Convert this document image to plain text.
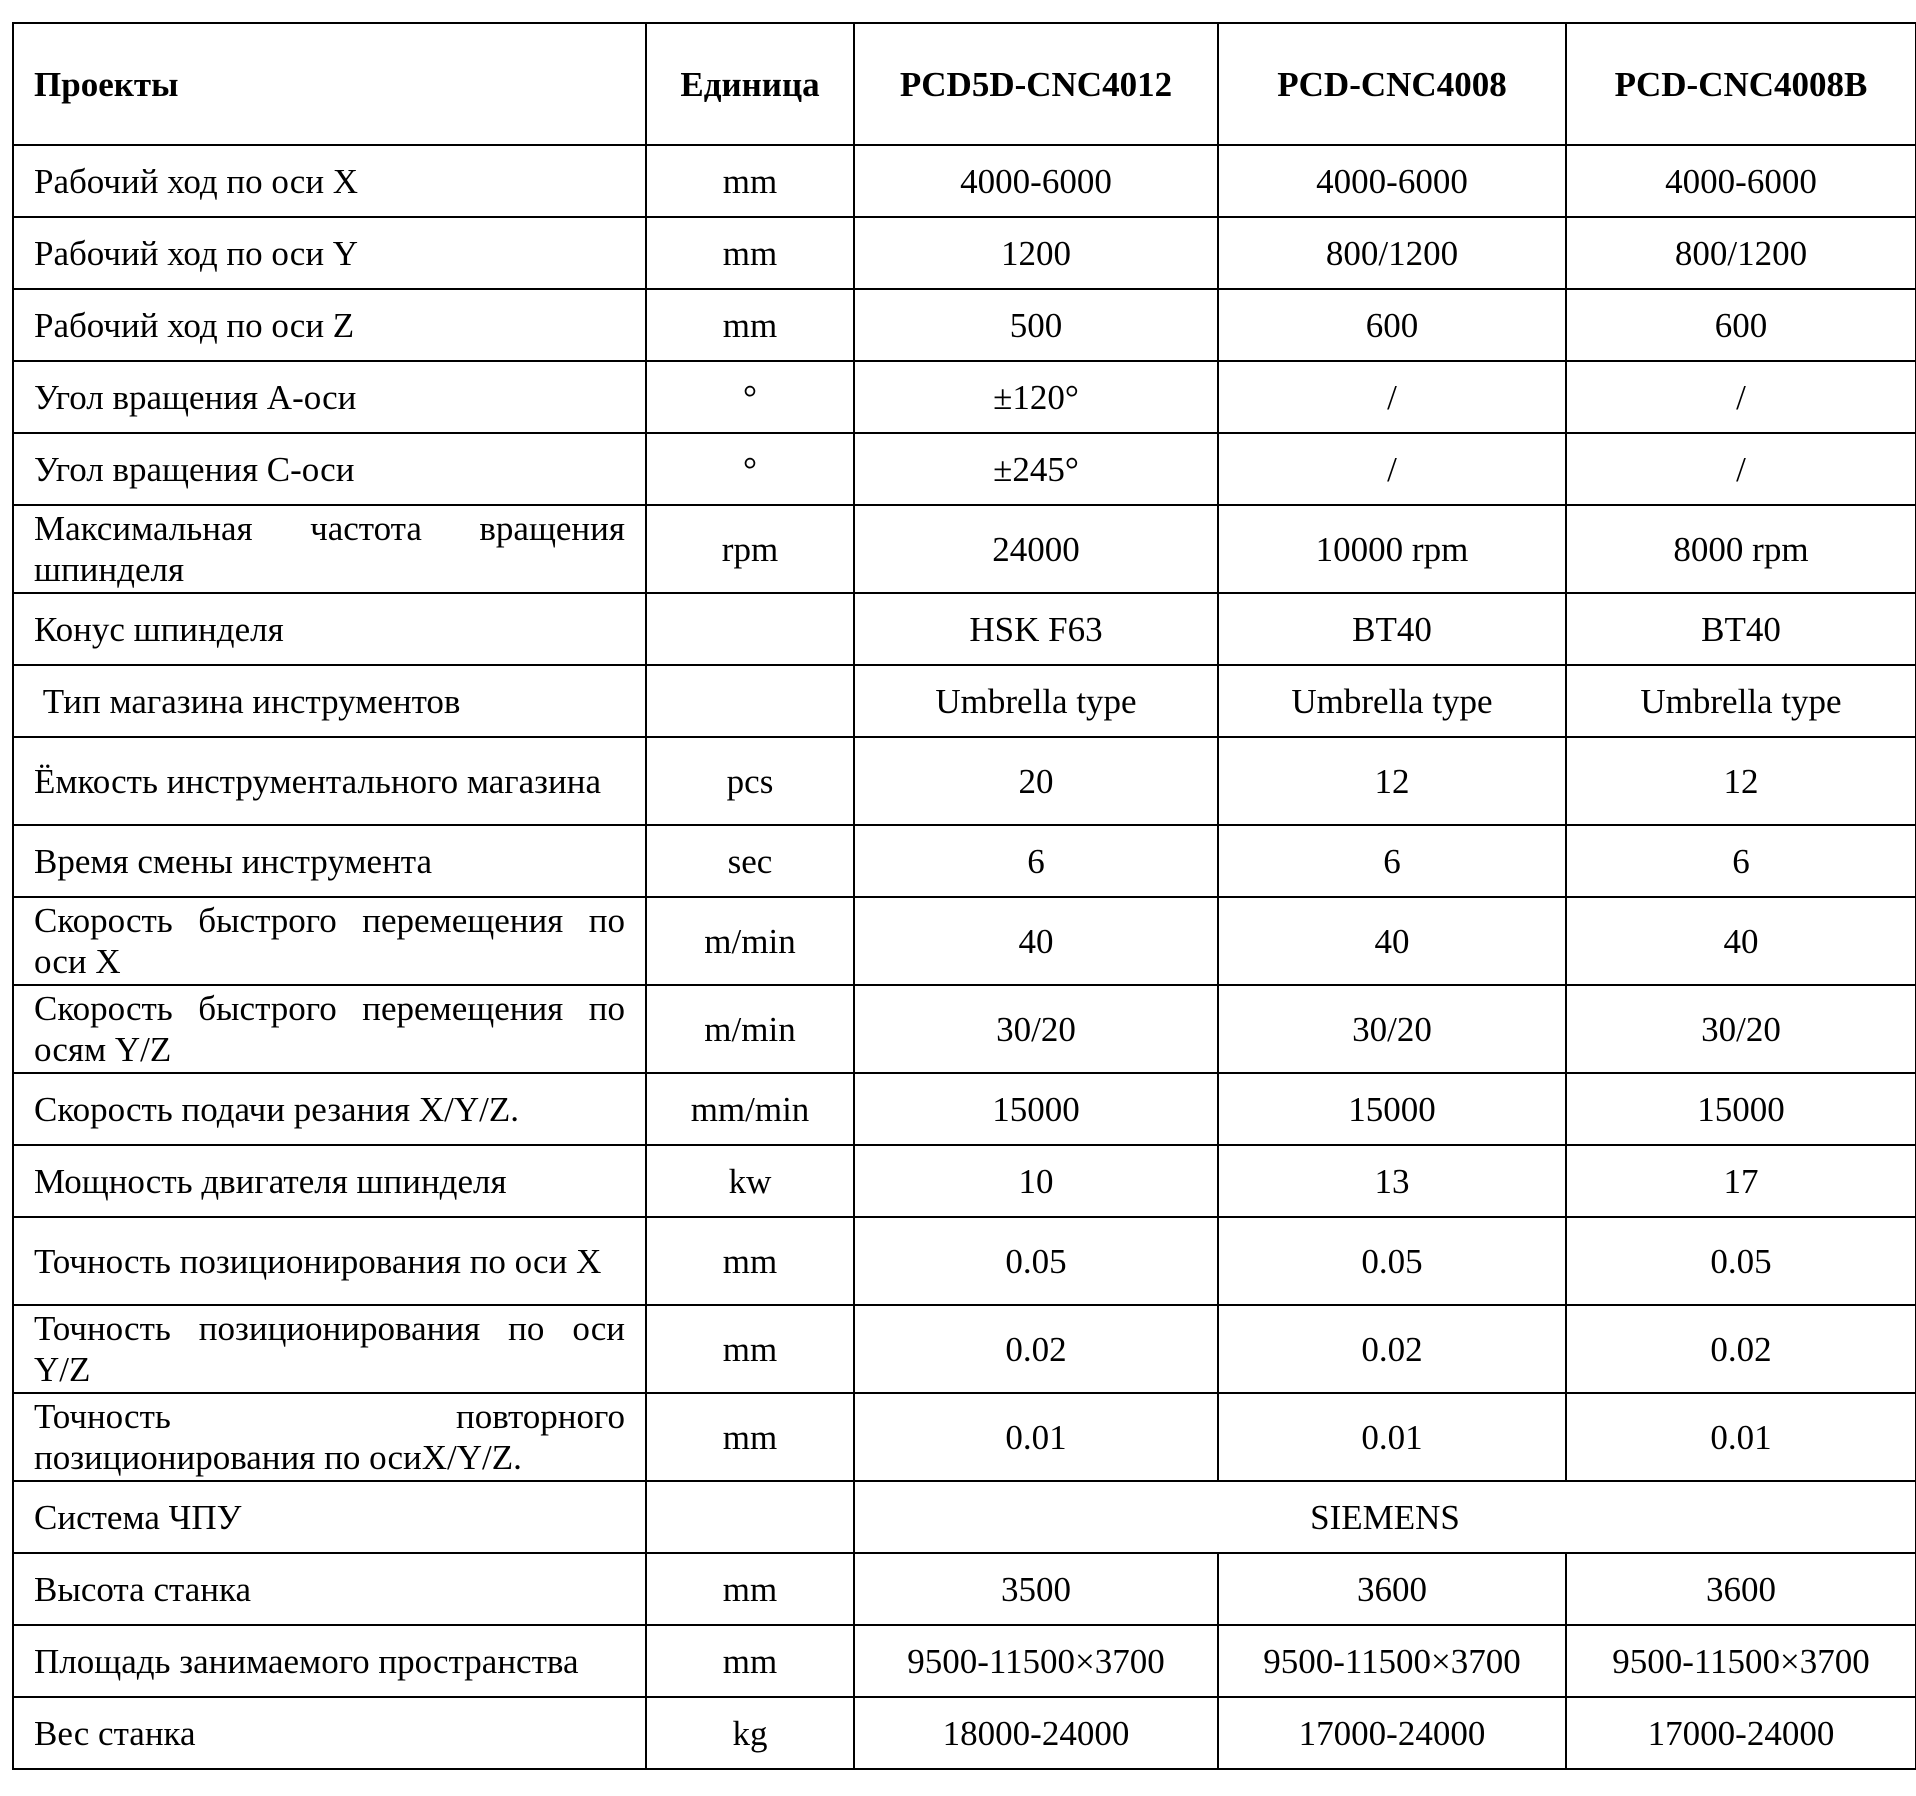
Проекты	Единица	PCD5D-CNC4012	PCD-CNC4008	PCD-CNC4008B
Рабочий ход по оси X	mm	4000-6000	4000-6000	4000-6000
Рабочий ход по оси Y	mm	1200	800/1200	800/1200
Рабочий ход по оси Z	mm	500	600	600
Угол вращения A-оси	°	±120°	/	/
Угол вращения C-оси	°	±245°	/	/
Максимальная частота вращения шпинделя	rpm	24000	10000 rpm	8000 rpm
Конус шпинделя		HSK F63	BT40	BT40
Тип магазина инструментов		Umbrella type	Umbrella type	Umbrella type
Ёмкость инструментального магазина	pcs	20	12	12
Время смены инструмента	sec	6	6	6
Скорость быстрого перемещения по оси X	m/min	40	40	40
Скорость быстрого перемещения по осям Y/Z	m/min	30/20	30/20	30/20
Скорость подачи резания X/Y/Z.	mm/min	15000	15000	15000
Мощность двигателя шпинделя	kw	10	13	17
Точность позиционирования по оси X	mm	0.05	0.05	0.05
Точность позиционирования по оси Y/Z	mm	0.02	0.02	0.02
Точность повторного позиционирования по осиX/Y/Z.	mm	0.01	0.01	0.01
Система ЧПУ		SIEMENS		
Высота станка	mm	3500	3600	3600
Площадь занимаемого пространства	mm	9500-11500×3700	9500-11500×3700	9500-11500×3700
Вес станка	kg	18000-24000	17000-24000	17000-24000
